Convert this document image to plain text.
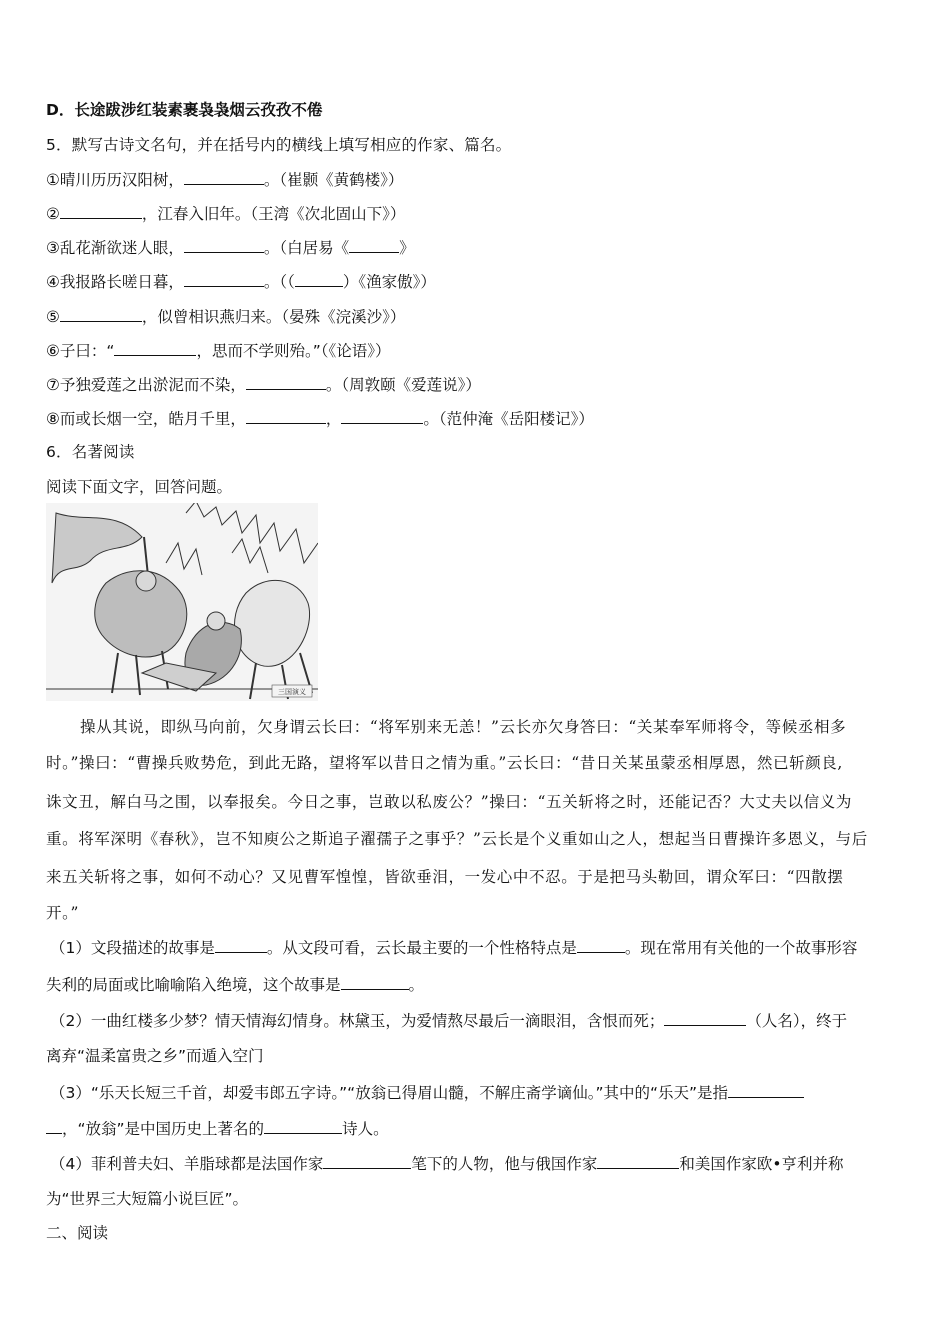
D．长途跋涉红装素裹袅袅烟云孜孜不倦
5．默写古诗文名句，并在括号内的横线上填写相应的作家、篇名。
①晴川历历汉阳树，	。（崔颢《黄鹤楼》）
②	，江春入旧年。（王湾《次北固山下》）
③乱花渐欲迷人眼，	。（白居易《	》
④我报路长嗟日暮，	。（（	）《渔家傲》）
⑤	，似曾相识燕归来。（晏殊《浣溪沙》）
⑥子曰：“	，思而不学则殆。”（《论语》）
⑦予独爱莲之出淤泥而不染，	。（周敦颐《爱莲说》）
⑧而或长烟一空，皓月千里，	，	。（范仲淹《岳阳楼记》）
6．名著阅读
阅读下面文字，回答问题。
三国演义
操从其说，即纵马向前，欠身谓云长曰：“将军别来无恙！”云长亦欠身答曰：“关某奉军师将令，等候丞相多
时。”操曰：“曹操兵败势危，到此无路，望将军以昔日之情为重。”云长曰：“昔日关某虽蒙丞相厚恩，然已斩颜良,
诛文丑，解白马之围，以奉报矣。今日之事，岂敢以私废公？”操曰：“五关斩将之时，还能记否？大丈夫以信义为
重。将军深明《春秋》，岂不知庾公之斯追子濯孺子之事乎？”云长是个义重如山之人，想起当日曹操许多恩义，与后
来五关斩将之事，如何不动心？又见曹军惶惶，皆欲垂泪，一发心中不忍。于是把马头勒回，谓众军曰：“四散摆
开。”
（1）文段描述的故事是	。从文段可看，云长最主要的一个性格特点是	。现在常用有关他的一个故事形容
失利的局面或比喻喻陷入绝境，这个故事是	。
（2）一曲红楼多少梦？情天情海幻情身。林黛玉，为爱情熬尽最后一滴眼泪，含恨而死；	（人名），终于
离弃“温柔富贵之乡”而遁入空门
（3）“乐天长短三千首，却爱韦郎五字诗。”“放翁已得眉山髓，不解庄斋学谪仙。”其中的“乐天”是指
，“放翁”是中国历史上著名的	诗人。
（4）菲利普夫妇、羊脂球都是法国作家	笔下的人物，他与俄国作家	和美国作家欧•亨利并称
为“世界三大短篇小说巨匠”。
二、阅读
